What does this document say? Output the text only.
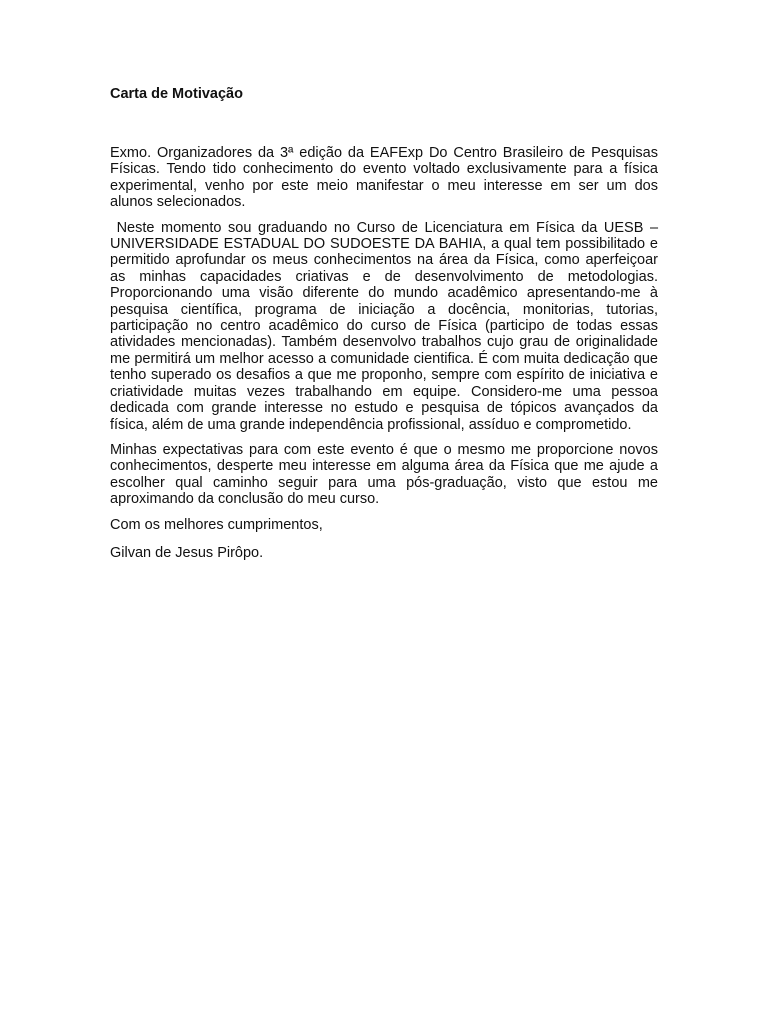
Carta de Motivação

Exmo. Organizadores da 3ª edição da EAFExp Do Centro Brasileiro de Pesquisas Físicas. Tendo tido conhecimento do evento voltado exclusivamente para a física experimental, venho por este meio manifestar o meu interesse em ser um dos alunos selecionados.

Neste momento sou graduando no Curso de Licenciatura em Física da UESB – UNIVERSIDADE ESTADUAL DO SUDOESTE DA BAHIA, a qual tem possibilitado e permitido aprofundar os meus conhecimentos na área da Física, como aperfeiçoar as minhas capacidades criativas e de desenvolvimento de metodologias. Proporcionando uma visão diferente do mundo acadêmico apresentando-me à pesquisa científica, programa de iniciação a docência, monitorias, tutorias, participação no centro acadêmico do curso de Física (participo de todas essas atividades mencionadas). Também desenvolvo trabalhos cujo grau de originalidade me permitirá um melhor acesso a comunidade cientifica. É com muita dedicação que tenho superado os desafios a que me proponho, sempre com espírito de iniciativa e criatividade muitas vezes trabalhando em equipe. Considero-me uma pessoa dedicada com grande interesse no estudo e pesquisa de tópicos avançados da física, além de uma grande independência profissional, assíduo e comprometido.

Minhas expectativas para com este evento é que o mesmo me proporcione novos conhecimentos, desperte meu interesse em alguma área da Física que me ajude a escolher qual caminho seguir para uma pós-graduação, visto que estou me aproximando da conclusão do meu curso.

Com os melhores cumprimentos,

Gilvan de Jesus Pirôpo.
